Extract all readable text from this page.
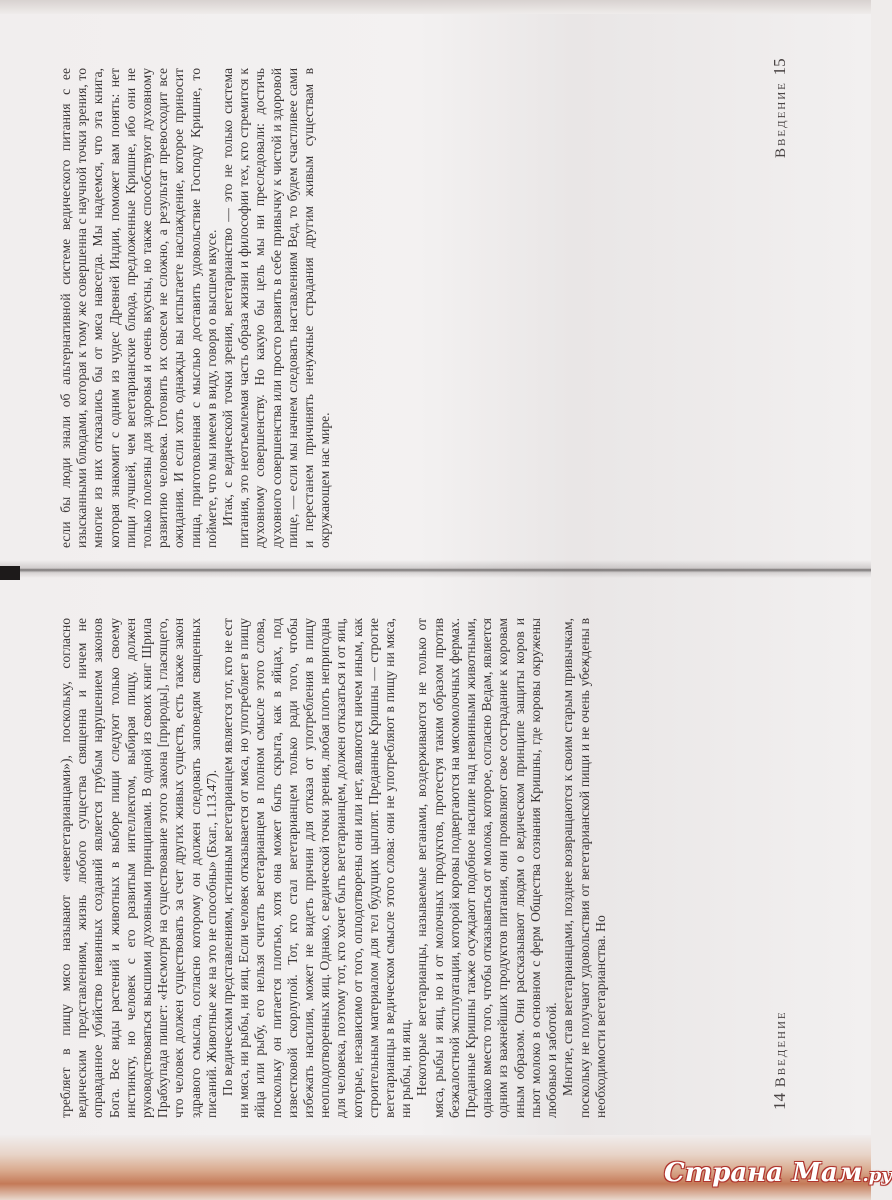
если бы люди знали об альтернативной системе ведического питания с ее изысканными блюдами, которая к тому же совершенна с научной точки зрения, то многие из них отказались бы от мяса навсегда. Мы надеемся, что эта книга, которая знакомит с одним из чудес Древней Индии, поможет вам понять: нет пищи лучшей, чем вегетарианские блюда, предложенные Кришне, ибо они не только полезны для здоровья и очень вкусны, но также способствуют духовному развитию человека. Готовить их совсем не сложно, а результат превосходит все ожидания. И если хоть однажды вы испытаете наслаждение, которое приносит пища, приготовленная с мыслью доставить удовольствие Господу Кришне, то поймете, что мы имеем в виду, говоря о высшем вкусе. Итак, с ведической точки зрения, вегетарианство — это не только система питания, это неотъемлемая часть образа жизни и философии тех, кто стремится к духовному совершенству. Но какую бы цель мы ни преследовали: достичь духовного совершенства или просто развить в себе привычку к чистой и здоровой пище, — если мы начнем следовать наставлениям Вед, то будем счастливее сами и перестанем причинять ненужные страдания другим живым существам в окружающем нас мире.

Введение 15

требляет в пищу мясо называют «невегетарианцами»), поскольку, согласно ведическим представлениям, жизнь любого существа священна и ничем не оправданное убийство невинных созданий является грубым нарушением законов Бога. Все виды растений и животных в выборе пищи следуют только своему инстинкту, но человек с его развитым интеллектом, выбирая пищу, должен руководствоваться высшими духовными принципами. В одной из своих книг Шрила Прабхупада пишет: «Несмотря на существование этого закона [природы], гласящего, что человек должен существовать за счет других живых существ, есть также закон здравого смысла, согласно которому он должен следовать заповедям священных писаний. Животные же на это не способны» (Бхаг., 1.13.47). По ведическим представлениям, истинным вегетарианцем является тот, кто не ест ни мяса, ни рыбы, ни яиц. Если человек отказывается от мяса, но употребляет в пищу яйца или рыбу, его нельзя считать вегетарианцем в полном смысле этого слова, поскольку он питается плотью, хотя она может быть скрыта, как в яйцах, под известковой скорлупой. Тот, кто стал вегетарианцем только ради того, чтобы избежать насилия, может не видеть причин для отказа от употребления в пищу неоплодотворенных яиц. Однако, с ведической точки зрения, любая плоть непригодна для человека, поэтому тот, кто хочет быть вегетарианцем, должен отказаться и от яиц, которые, независимо от того, оплодотворены они или нет, являются ничем иным, как строительным материалом для тел будущих цыплят. Преданные Кришны — строгие вегетарианцы в ведическом смысле этого слова: они не употребляют в пищу ни мяса, ни рыбы, ни яиц. Некоторые вегетарианцы, называемые веганами, воздерживаются не только от мяса, рыбы и яиц, но и от молочных продуктов, протестуя таким образом против безжалостной эксплуатации, которой коровы подвергаются на мясомолочных фермах. Преданные Кришны также осуждают подобное насилие над невинными животными, однако вместо того, чтобы отказываться от молока, которое, согласно Ведам, является одним из важнейших продуктов питания, они проявляют свое сострадание к коровам иным образом. Они рассказывают людям о ведическом принципе защиты коров и пьют молоко в основном с ферм Общества сознания Кришны, где коровы окружены любовью и заботой. Многие, став вегетарианцами, позднее возвращаются к своим старым привычкам, поскольку не получают удовольствия от вегетарианской пищи и не очень убеждены в необходимости вегетарианства. Но	14 Введение
Страна Мам.ру
